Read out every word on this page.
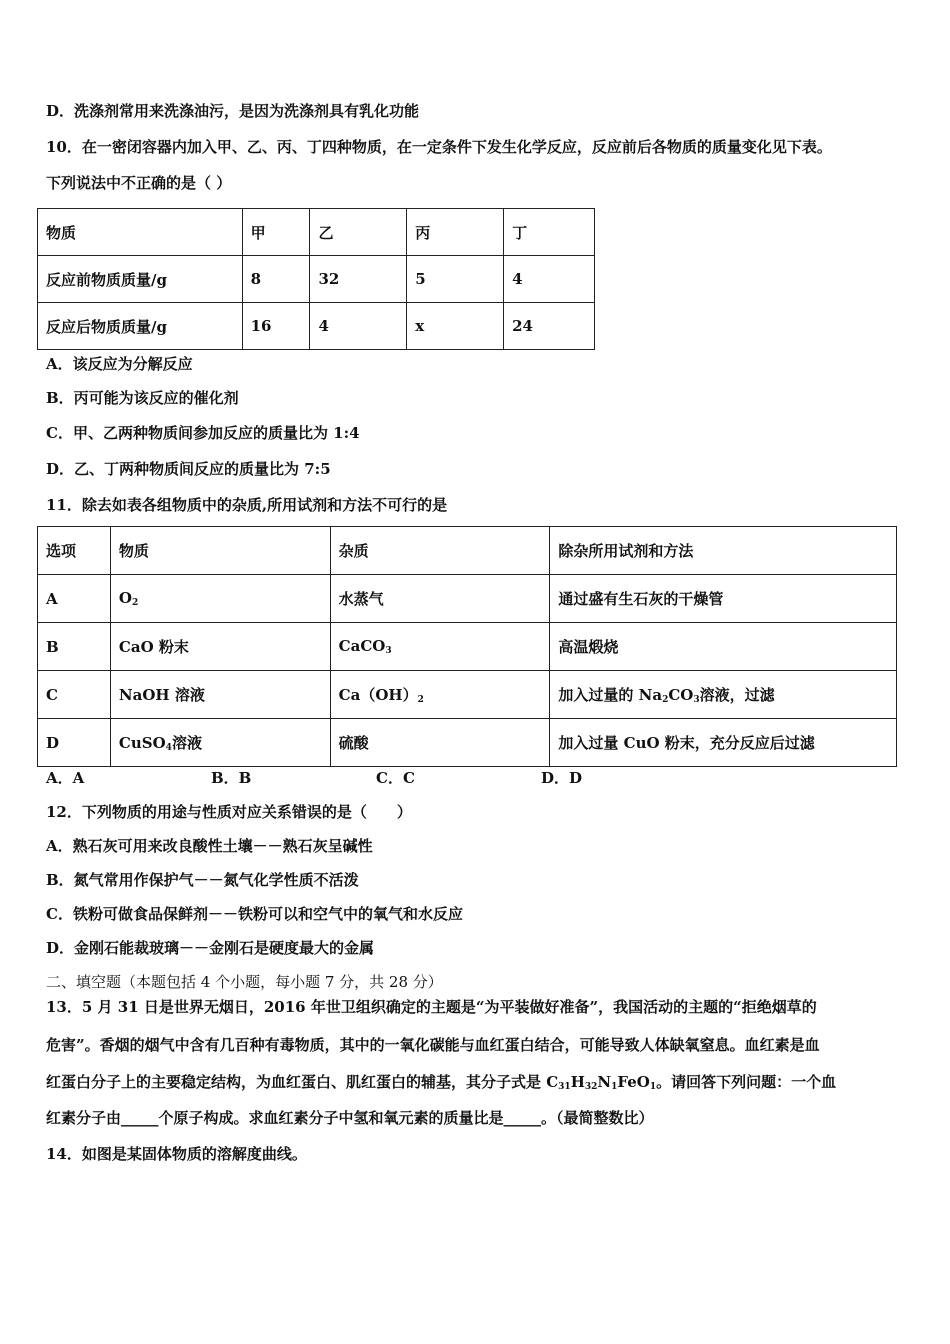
D．洗涤剂常用来洗涤油污，是因为洗涤剂具有乳化功能
10．在一密闭容器内加入甲、乙、丙、丁四种物质，在一定条件下发生化学反应，反应前后各物质的质量变化见下表。
下列说法中不正确的是（ ）
物质	甲	乙	丙	丁
反应前物质质量/g	8	32	5	4
反应后物质质量/g	16	4	x	24
A．该反应为分解反应
B．丙可能为该反应的催化剂
C．甲、乙两种物质间参加反应的质量比为 1:4
D．乙、丁两种物质间反应的质量比为 7:5
11．除去如表各组物质中的杂质,所用试剂和方法不可行的是
选项	物质	杂质	除杂所用试剂和方法
A	$O_2$	水蒸气	通过盛有生石灰的干燥管
B	CaO 粉末	CaCO$_3$	高温煅烧
C	NaOH 溶液	$Ca(OH)_2$	加入过量的 $Na_2CO_3$溶液，过滤
D	CuSO$_4$溶液	硫酸	加入过量 CuO 粉末，充分反应后过滤
A．A	B．B	C．C	D．D
12．下列物质的用途与性质对应关系错误的是（　　）
A．熟石灰可用来改良酸性土壤－－熟石灰呈碱性
B．氮气常用作保护气－－氮气化学性质不活泼
C．铁粉可做食品保鲜剂－－铁粉可以和空气中的氧气和水反应
D．金刚石能裁玻璃－－金刚石是硬度最大的金属
二、填空题（本题包括 4 个小题，每小题 7 分，共 28 分）
13．5 月 31 日是世界无烟日，2016 年世卫组织确定的主题是“为平装做好准备”，我国活动的主题的“拒绝烟草的
危害”。香烟的烟气中含有几百种有毒物质，其中的一氧化碳能与血红蛋白结合，可能导致人体缺氧窒息。血红素是血
红蛋白分子上的主要稳定结构，为血红蛋白、肌红蛋白的辅基，其分子式是 $C_{31}H_{32}N_1FeO_1$。请回答下列问题：一个血
红素分子由_____个原子构成。求血红素分子中氢和氧元素的质量比是_____。（最简整数比）
14．如图是某固体物质的溶解度曲线。
